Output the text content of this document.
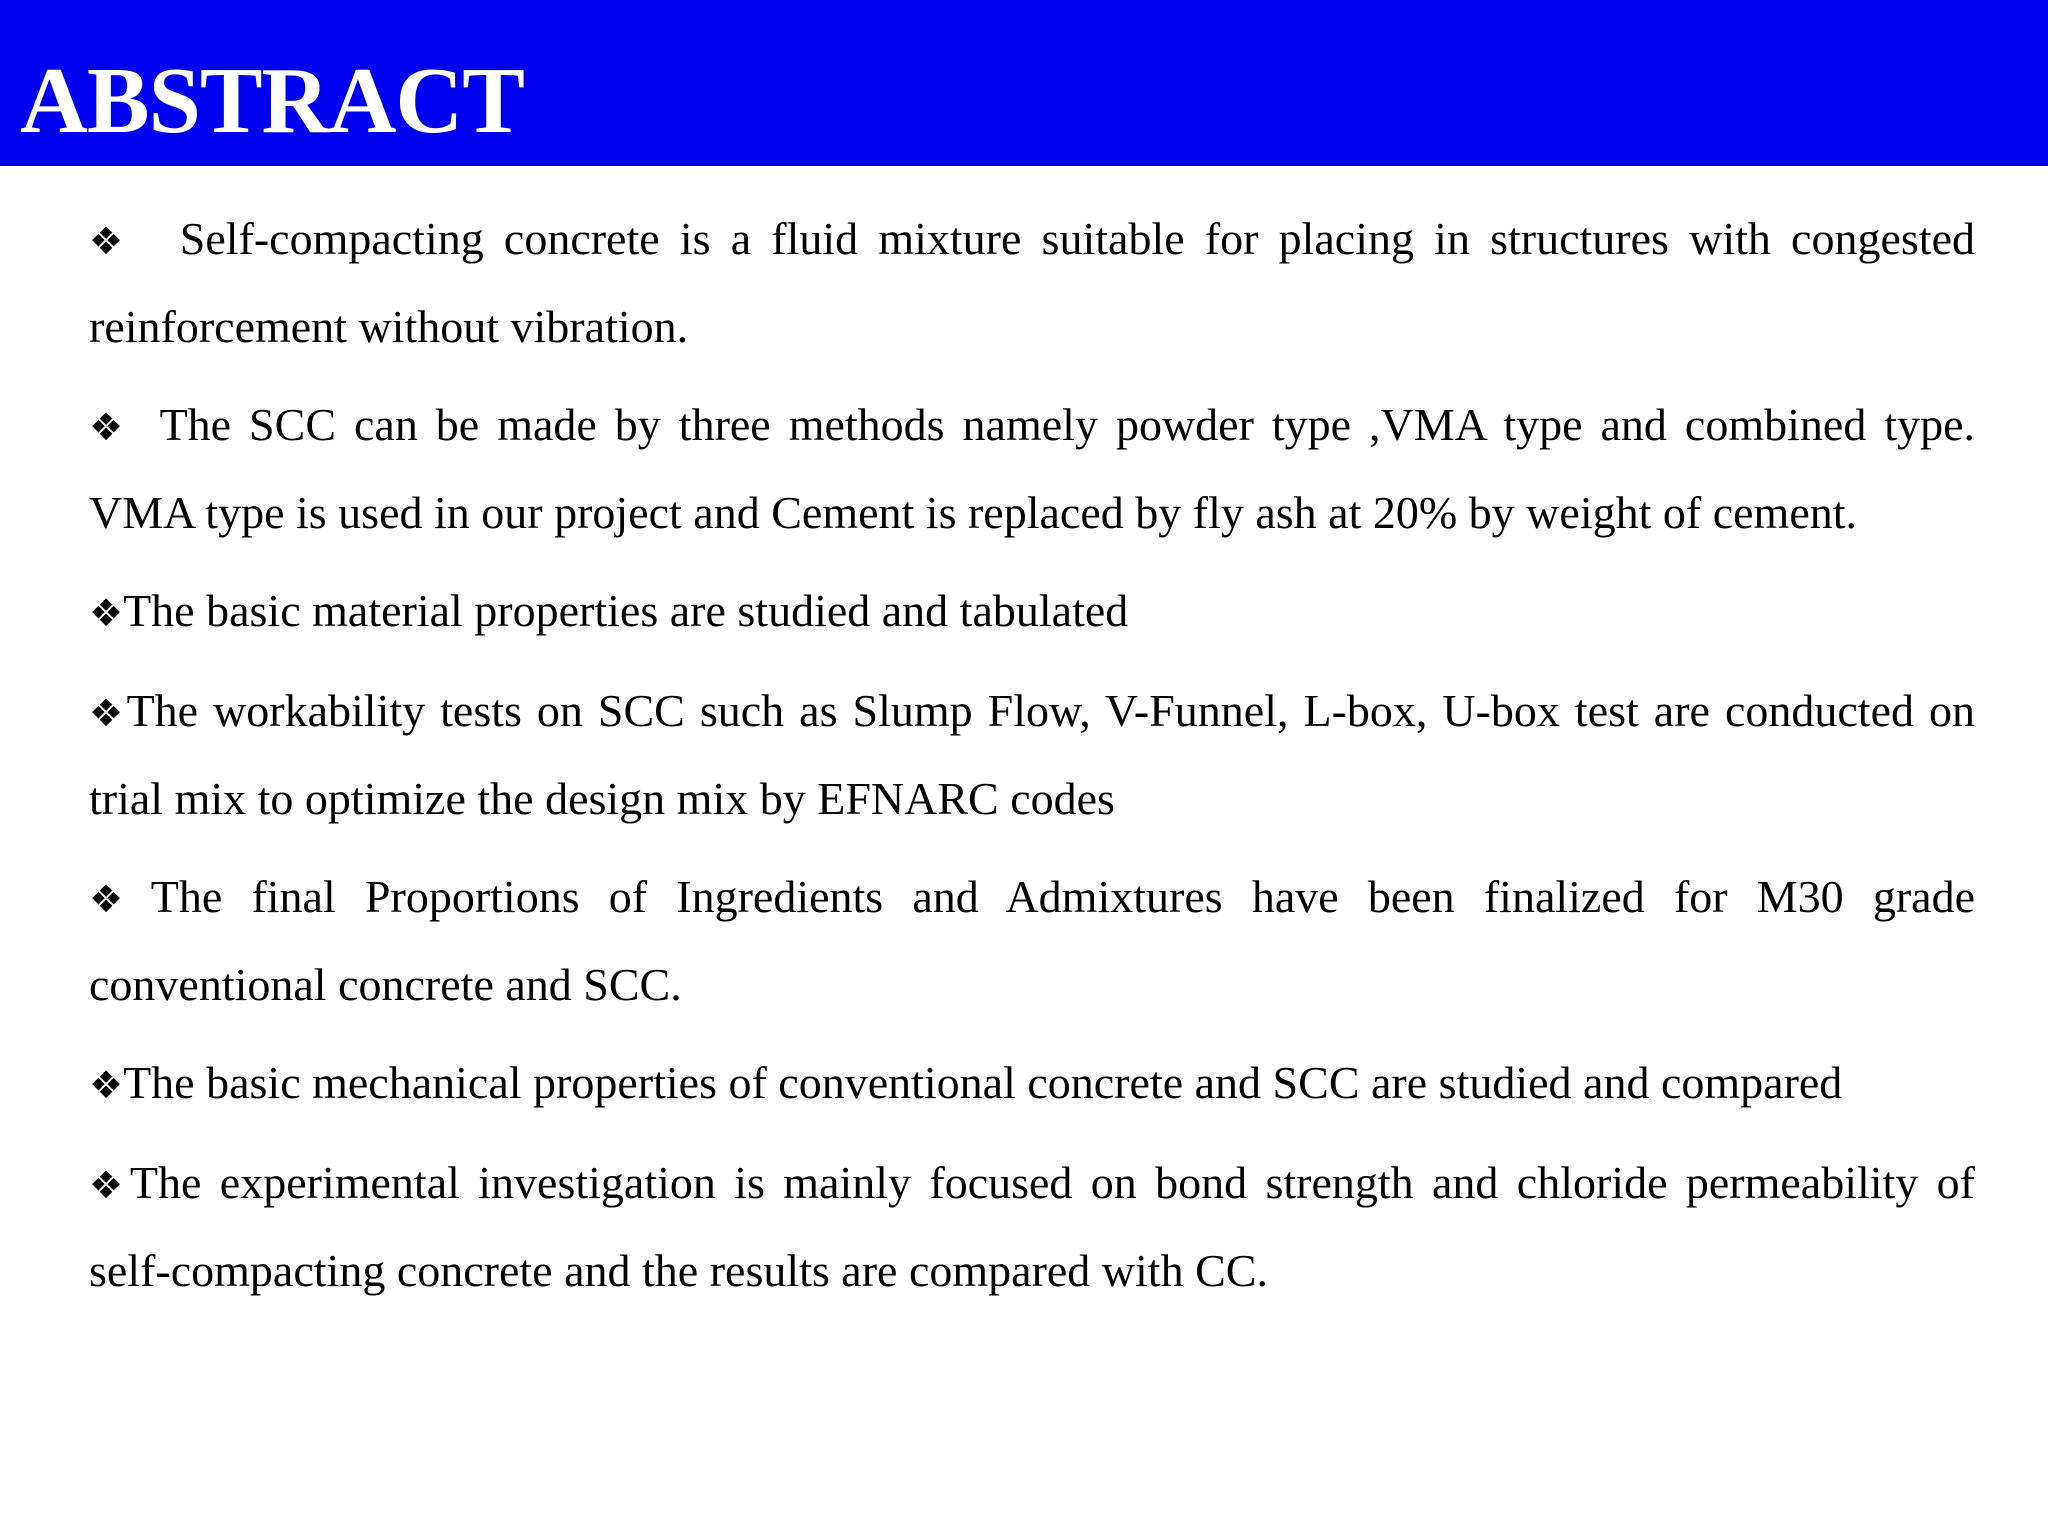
ABSTRACT

❖ Self-compacting concrete is a fluid mixture suitable for placing in structures with congested reinforcement without vibration.

❖ The SCC can be made by three methods namely powder type ,VMA type and combined type. VMA type is used in our project and Cement is replaced by fly ash at 20% by weight of cement.

❖The basic material properties are studied and tabulated

❖The workability tests on SCC such as Slump Flow, V-Funnel, L-box, U-box test are conducted on trial mix to optimize the design mix by EFNARC codes

❖ The final Proportions of Ingredients and Admixtures have been finalized for M30 grade conventional concrete and SCC.

❖The basic mechanical properties of conventional concrete and SCC are studied and compared

❖The experimental investigation is mainly focused on bond strength and chloride permeability of self-compacting concrete and the results are compared with CC.
